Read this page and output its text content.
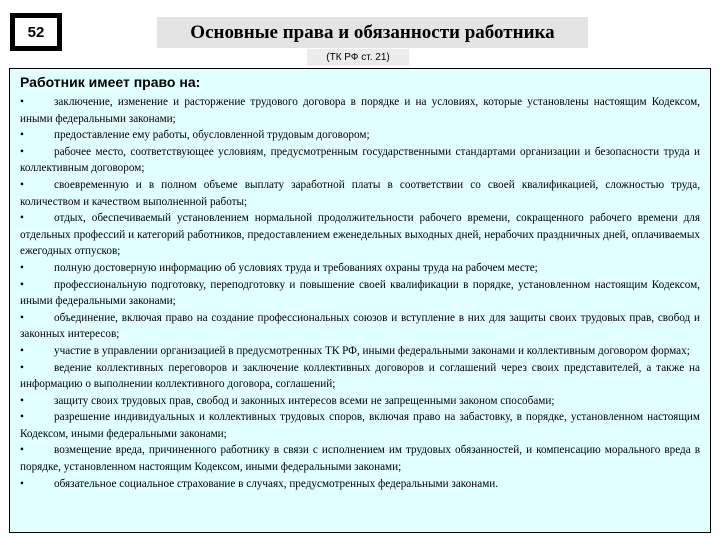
52	Основные права и обязанности работника
(ТК РФ ст. 21)
Работник имеет право на:
•	заключение, изменение и расторжение трудового договора в порядке и на условиях, которые установлены настоящим Кодексом, иными федеральными законами;
•	предоставление ему работы, обусловленной трудовым договором;
•	рабочее место, соответствующее условиям, предусмотренным государственными стандартами организации и безопасности труда и коллективным договором;
•	своевременную и в полном объеме выплату заработной платы в соответствии со своей квалификацией, сложностью труда, количеством и качеством выполненной работы;
•	отдых, обеспечиваемый установлением нормальной продолжительности рабочего времени, сокращенного рабочего времени для отдельных профессий и категорий работников, предоставлением еженедельных выходных дней, нерабочих праздничных дней, оплачиваемых ежегодных отпусков;
•	полную достоверную информацию об условиях труда и требованиях охраны труда на рабочем месте;
•	профессиональную подготовку, переподготовку и повышение своей квалификации в порядке, установленном настоящим Кодексом, иными федеральными законами;
•	объединение, включая право на создание профессиональных союзов и вступление в них для защиты своих трудовых прав, свобод и законных интересов;
•	участие в управлении организацией в предусмотренных ТК РФ, иными федеральными законами и коллективным договором формах;
•	ведение коллективных переговоров и заключение коллективных договоров и соглашений через своих представителей, а также на информацию о выполнении коллективного договора, соглашений;
•	защиту своих трудовых прав, свобод и законных интересов всеми не запрещенными законом способами;
•	разрешение индивидуальных и коллективных трудовых споров, включая право на забастовку, в порядке, установленном настоящим Кодексом, иными федеральными законами;
•	возмещение вреда, причиненного работнику в связи с исполнением им трудовых обязанностей, и компенсацию морального вреда в порядке, установленном настоящим Кодексом, иными федеральными законами;
•	обязательное социальное страхование в случаях, предусмотренных федеральными законами.
